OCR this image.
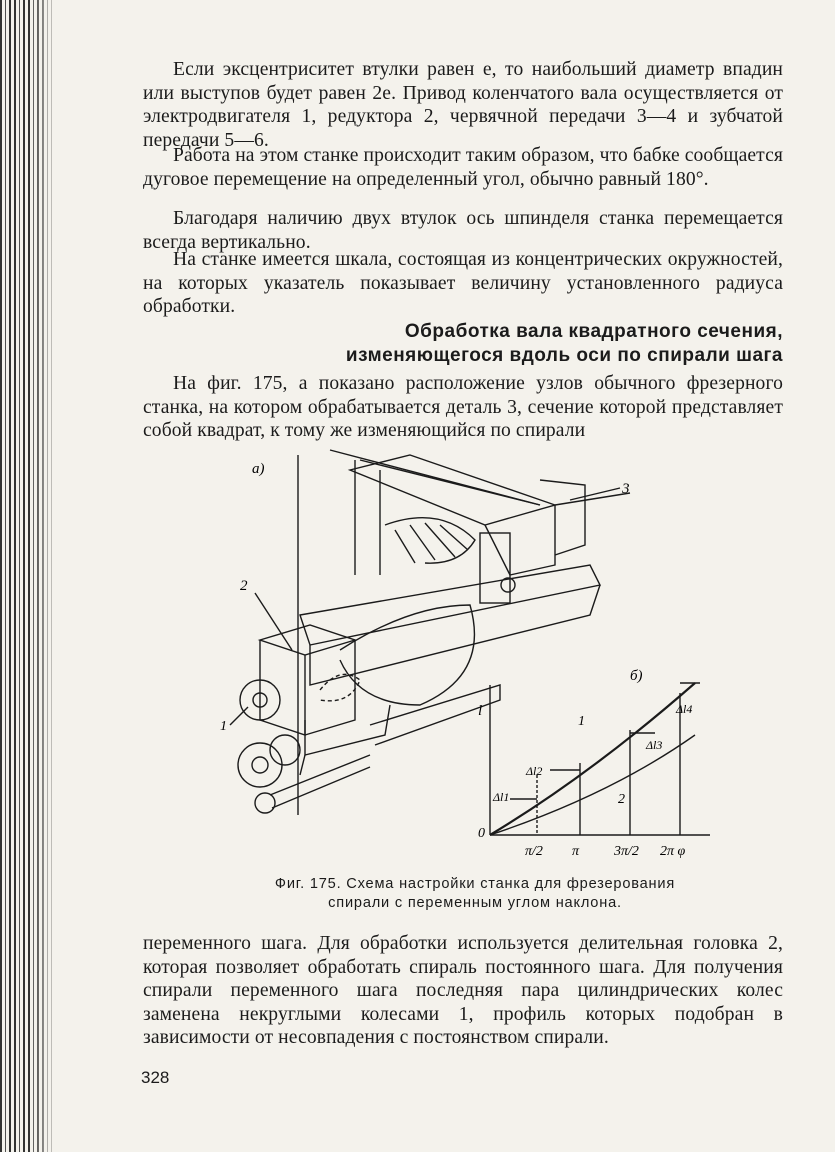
Если эксцентриситет втулки равен e, то наибольший диаметр впадин или выступов будет равен 2e. Привод коленчатого вала осуществляется от электродвигателя 1, редуктора 2, червячной передачи 3—4 и зубчатой передачи 5—6.

Работа на этом станке происходит таким образом, что бабке сообщается дуговое перемещение на определенный угол, обычно равный 180°.

Благодаря наличию двух втулок ось шпинделя станка перемещается всегда вертикально.

На станке имеется шкала, состоящая из концентрических окружностей, на которых указатель показывает величину установленного радиуса обработки.

Обработка вала квадратного сечения,
изменяющегося вдоль оси по спирали шага

На фиг. 175, a показано расположение узлов обычного фрезерного станка, на котором обрабатывается деталь 3, сечение которой представляет собой квадрат, к тому же изменяющийся по спирали

a)
2
1
3
б)
l
0
1
2
Δl1
Δl2
Δl3
Δl4
π/2 π 3π/2 2π φ
Фиг. 175. Схема настройки станка для фрезерования
спирали с переменным углом наклона.

переменного шага. Для обработки используется делительная головка 2, которая позволяет обработать спираль постоянного шага. Для получения спирали переменного шага последняя пара цилиндрических колес заменена некруглыми колесами 1, профиль которых подобран в зависимости от несовпадения с постоянством спирали.

328
